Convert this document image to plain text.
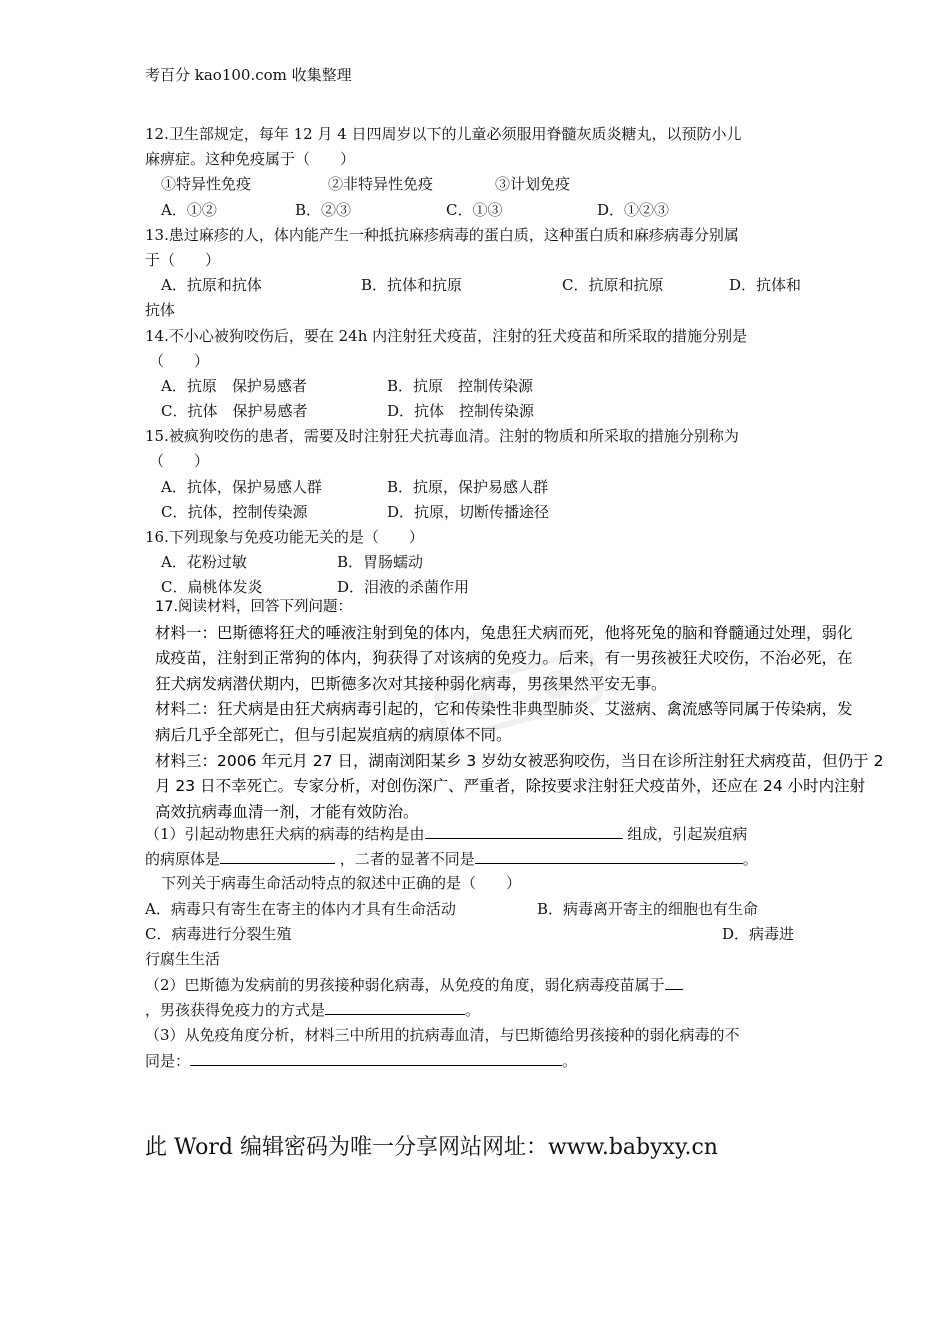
考百分 kao100.com 收集整理
12.卫生部规定，每年 12 月 4 日四周岁以下的儿童必须服用脊髓灰质炎糖丸，以预防小儿
麻痹症。这种免疫属于（　　）
①特异性免疫	②非特异性免疫	③计划免疫
A．①②	B．②③	C．①③	D．①②③
13.患过麻疹的人，体内能产生一种抵抗麻疹病毒的蛋白质，这种蛋白质和麻疹病毒分别属
于（　　）
A．抗原和抗体	B．抗体和抗原	C．抗原和抗原	D．抗体和
抗体
14.不小心被狗咬伤后，要在 24h 内注射狂犬疫苗，注射的狂犬疫苗和所采取的措施分别是
（　　）
A．抗原　保护易感者	B．抗原　控制传染源
C．抗体　保护易感者	D．抗体　控制传染源
15.被疯狗咬伤的患者，需要及时注射狂犬抗毒血清。注射的物质和所采取的措施分别称为
（　　）
A．抗体，保护易感人群	B．抗原，保护易感人群
C．抗体，控制传染源	D．抗原，切断传播途径
16.下列现象与免疫功能无关的是（　　）
A．花粉过敏	B．胃肠蠕动
C．扁桃体发炎	D．泪液的杀菌作用
17.阅读材料，回答下列问题：
材料一：巴斯德将狂犬的唾液注射到兔的体内，兔患狂犬病而死，他将死兔的脑和脊髓通过处理，弱化
成疫苗，注射到正常狗的体内，狗获得了对该病的免疫力。后来，有一男孩被狂犬咬伤，不治必死，在
狂犬病发病潜伏期内，巴斯德多次对其接种弱化病毒，男孩果然平安无事。
材料二：狂犬病是由狂犬病病毒引起的，它和传染性非典型肺炎、艾滋病、禽流感等同属于传染病，发
病后几乎全部死亡，但与引起炭疽病的病原体不同。
材料三：2006 年元月 27 日，湖南浏阳某乡 3 岁幼女被恶狗咬伤，当日在诊所注射狂犬病疫苗，但仍于 2
月 23 日不幸死亡。专家分析，对创伤深广、严重者，除按要求注射狂犬疫苗外，还应在 24 小时内注射
高效抗病毒血清一剂，才能有效防治。
（1）引起动物患狂犬病的病毒的结构是由	组成，引起炭疽病
的病原体是	，二者的显著不同是	。
下列关于病毒生命活动特点的叙述中正确的是（　　）
A．病毒只有寄生在寄主的体内才具有生命活动	B．病毒离开寄主的细胞也有生命
C．病毒进行分裂生殖	D．病毒进
行腐生生活
（2）巴斯德为发病前的男孩接种弱化病毒，从免疫的角度，弱化病毒疫苗属于
，男孩获得免疫力的方式是	。
（3）从免疫角度分析，材料三中所用的抗病毒血清，与巴斯德给男孩接种的弱化病毒的不
同是：	。
此 Word 编辑密码为唯一分享网站网址：www.babyxy.cn
